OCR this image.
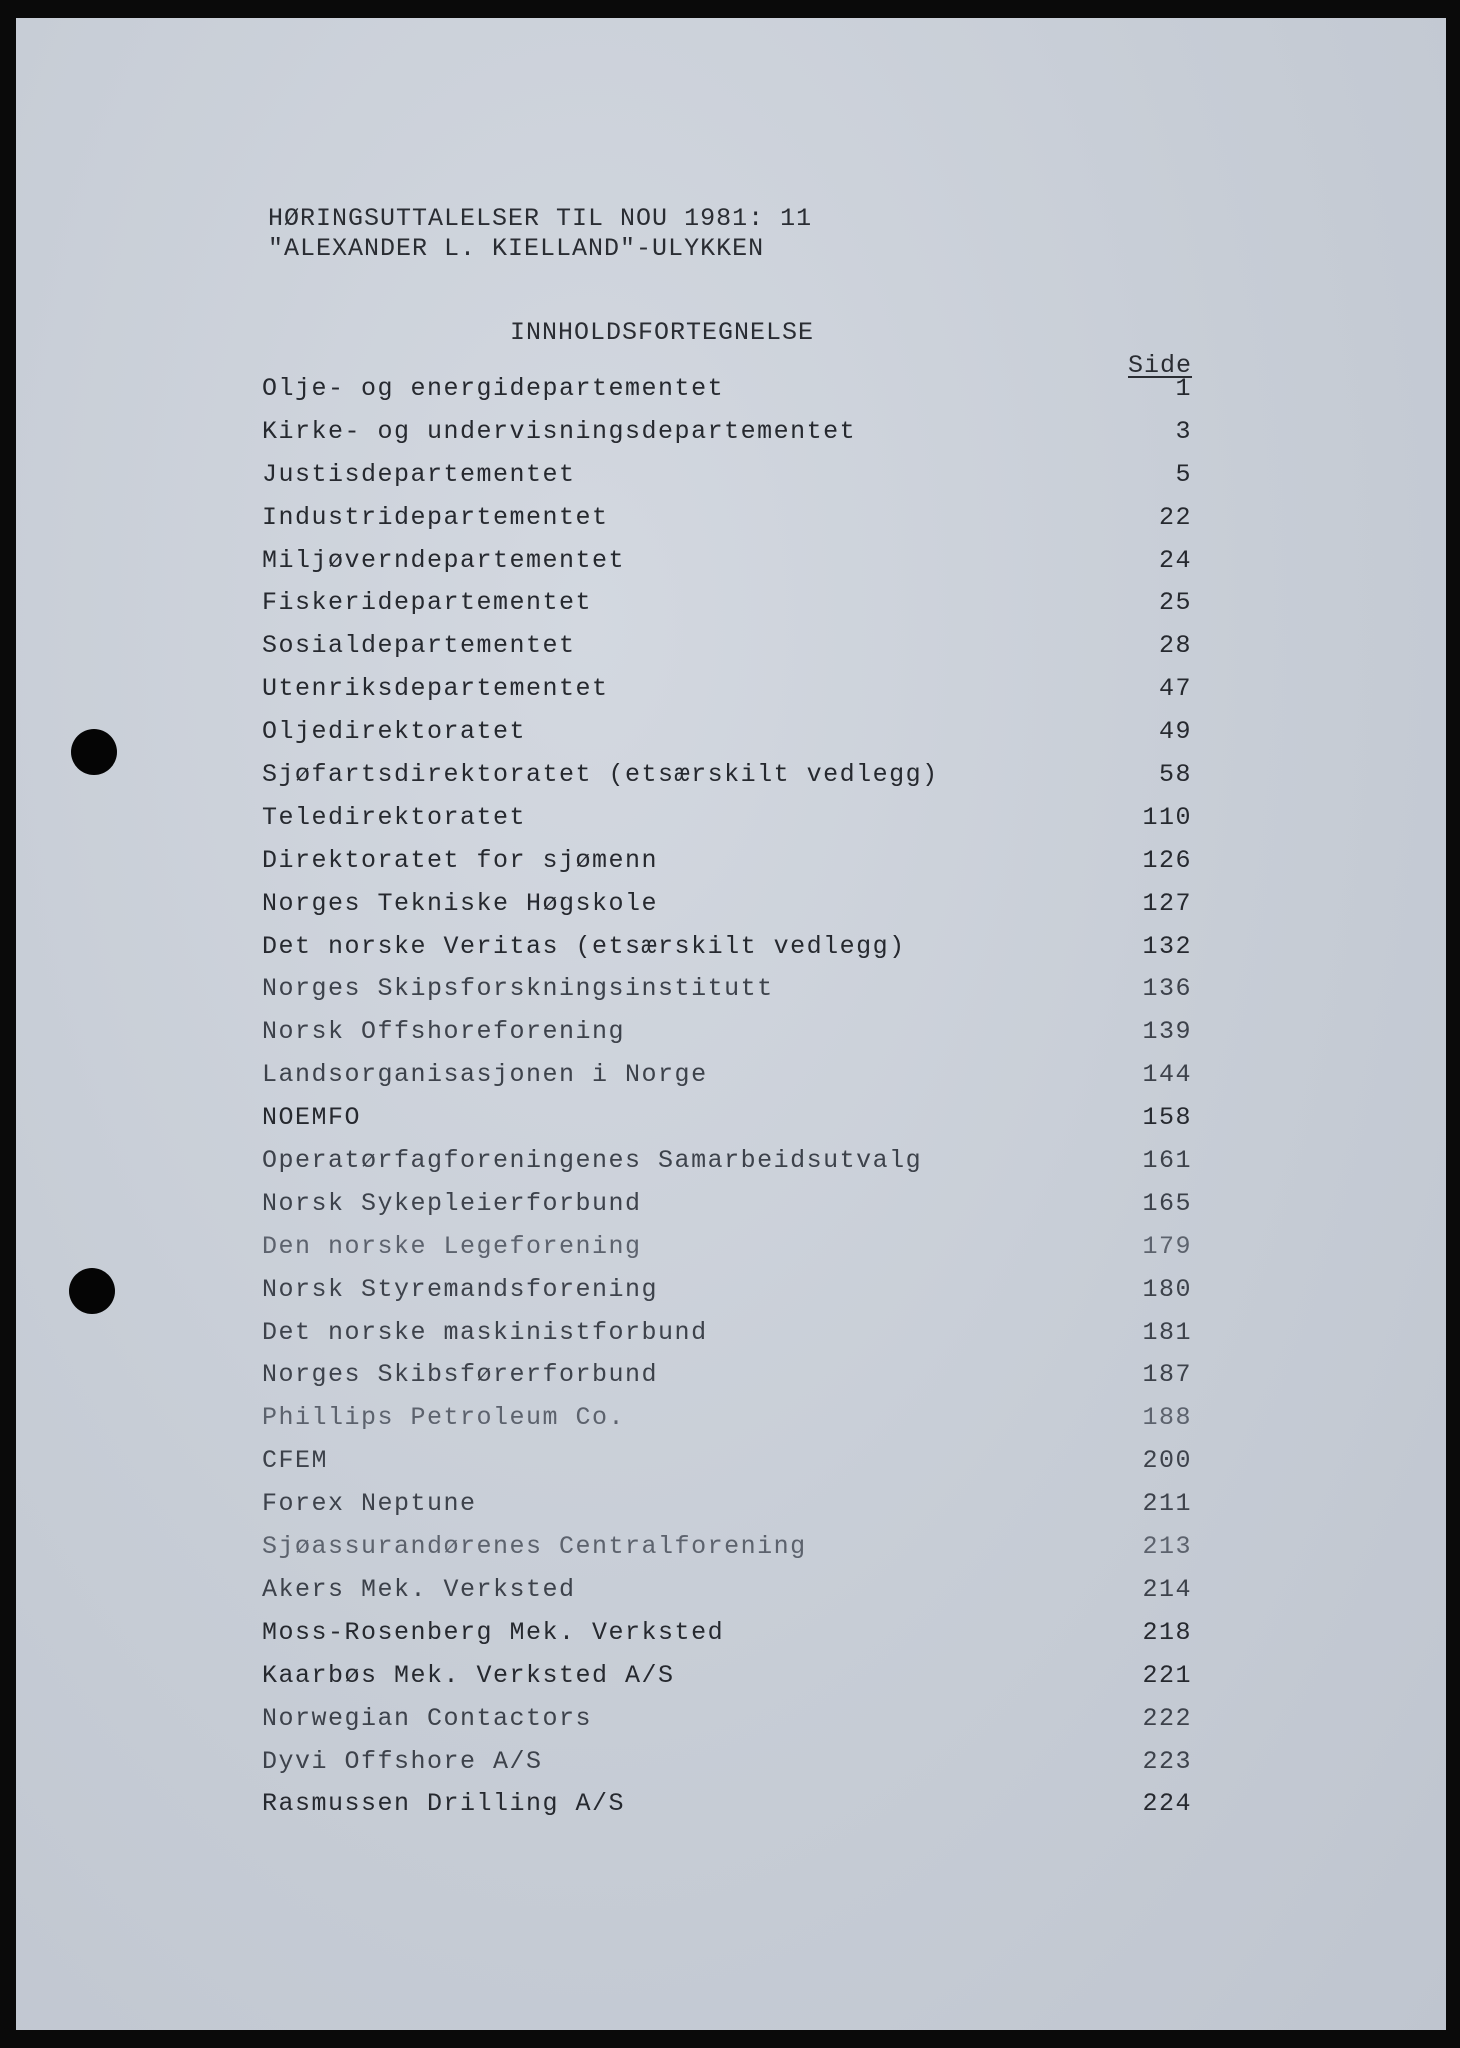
HØRINGSUTTALELSER TIL NOU 1981: 11
"ALEXANDER L. KIELLAND"-ULYKKEN
INNHOLDSFORTEGNELSE
Side
Olje- og energidepartementet	1
Kirke- og undervisningsdepartementet	3
Justisdepartementet	5
Industridepartementet	22
Miljøverndepartementet	24
Fiskeridepartementet	25
Sosialdepartementet	28
Utenriksdepartementet	47
Oljedirektoratet	49
Sjøfartsdirektoratet (etsærskilt vedlegg)	58
Teledirektoratet	110
Direktoratet for sjømenn	126
Norges Tekniske Høgskole	127
Det norske Veritas (etsærskilt vedlegg)	132
Norges Skipsforskningsinstitutt	136
Norsk Offshoreforening	139
Landsorganisasjonen i Norge	144
NOEMFO	158
Operatørfagforeningenes Samarbeidsutvalg	161
Norsk Sykepleierforbund	165
Den norske Legeforening	179
Norsk Styremandsforening	180
Det norske maskinistforbund	181
Norges Skibsførerforbund	187
Phillips Petroleum Co.	188
CFEM	200
Forex Neptune	211
Sjøassurandørenes Centralforening	213
Akers Mek. Verksted	214
Moss-Rosenberg Mek. Verksted	218
Kaarbøs Mek. Verksted A/S	221
Norwegian Contactors	222
Dyvi Offshore A/S	223
Rasmussen Drilling A/S	224
